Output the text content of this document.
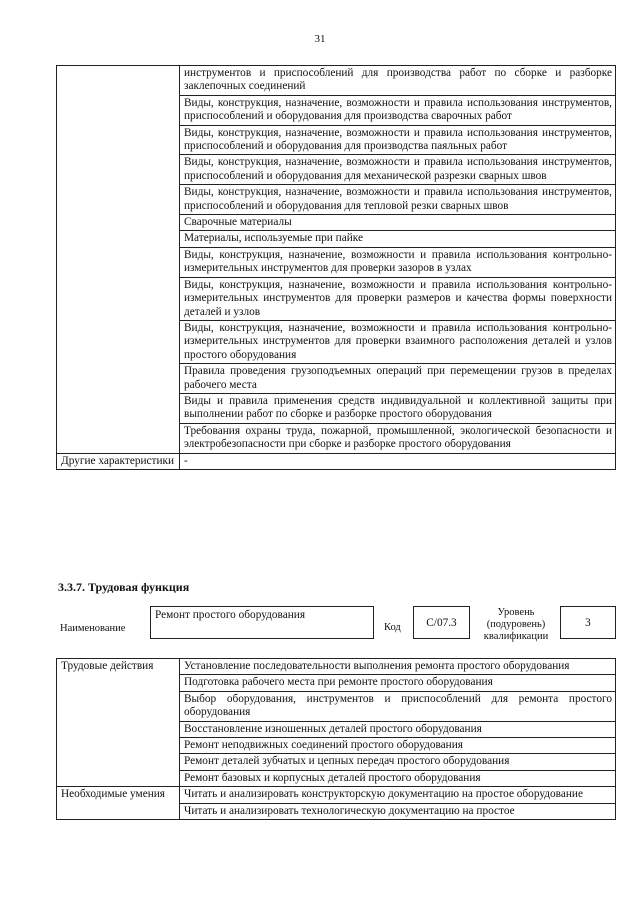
31
	инструментов и приспособлений для производства работ по сборке и разборке заклепочных соединений
	Виды, конструкция, назначение, возможности и правила использования инструментов, приспособлений и оборудования для производства сварочных работ
	Виды, конструкция, назначение, возможности и правила использования инструментов, приспособлений и оборудования для производства паяльных работ
	Виды, конструкция, назначение, возможности и правила использования инструментов, приспособлений и оборудования для механической разрезки сварных швов
	Виды, конструкция, назначение, возможности и правила использования инструментов, приспособлений и оборудования для тепловой резки сварных швов
	Сварочные материалы
	Материалы, используемые при пайке
	Виды, конструкция, назначение, возможности и правила использования контрольно-измерительных инструментов для проверки зазоров в узлах
	Виды, конструкция, назначение, возможности и правила использования контрольно-измерительных инструментов для проверки размеров и качества формы поверхности деталей и узлов
	Виды, конструкция, назначение, возможности и правила использования контрольно-измерительных инструментов для проверки взаимного расположения деталей и узлов простого оборудования
	Правила проведения грузоподъемных операций при перемещении грузов в пределах рабочего места
	Виды и правила применения средств индивидуальной и коллективной защиты при выполнении работ по сборке и разборке простого оборудования
	Требования охраны труда, пожарной, промышленной, экологической безопасности и электробезопасности при сборке и разборке простого оборудования
Другие характеристики	-
3.3.7. Трудовая функция
Наименование
Ремонт простого оборудования
Код C/07.3
Уровень
(подуровень)
квалификации
3
Трудовые действия	Установление последовательности выполнения ремонта простого оборудования
	Подготовка рабочего места при ремонте простого оборудования
	Выбор оборудования, инструментов и приспособлений для ремонта простого оборудования
	Восстановление изношенных деталей простого оборудования
	Ремонт неподвижных соединений простого оборудования
	Ремонт деталей зубчатых и цепных передач простого оборудования
	Ремонт базовых и корпусных деталей простого оборудования
Необходимые умения	Читать и анализировать конструкторскую документацию на простое оборудование
	Читать и анализировать технологическую документацию на простое
